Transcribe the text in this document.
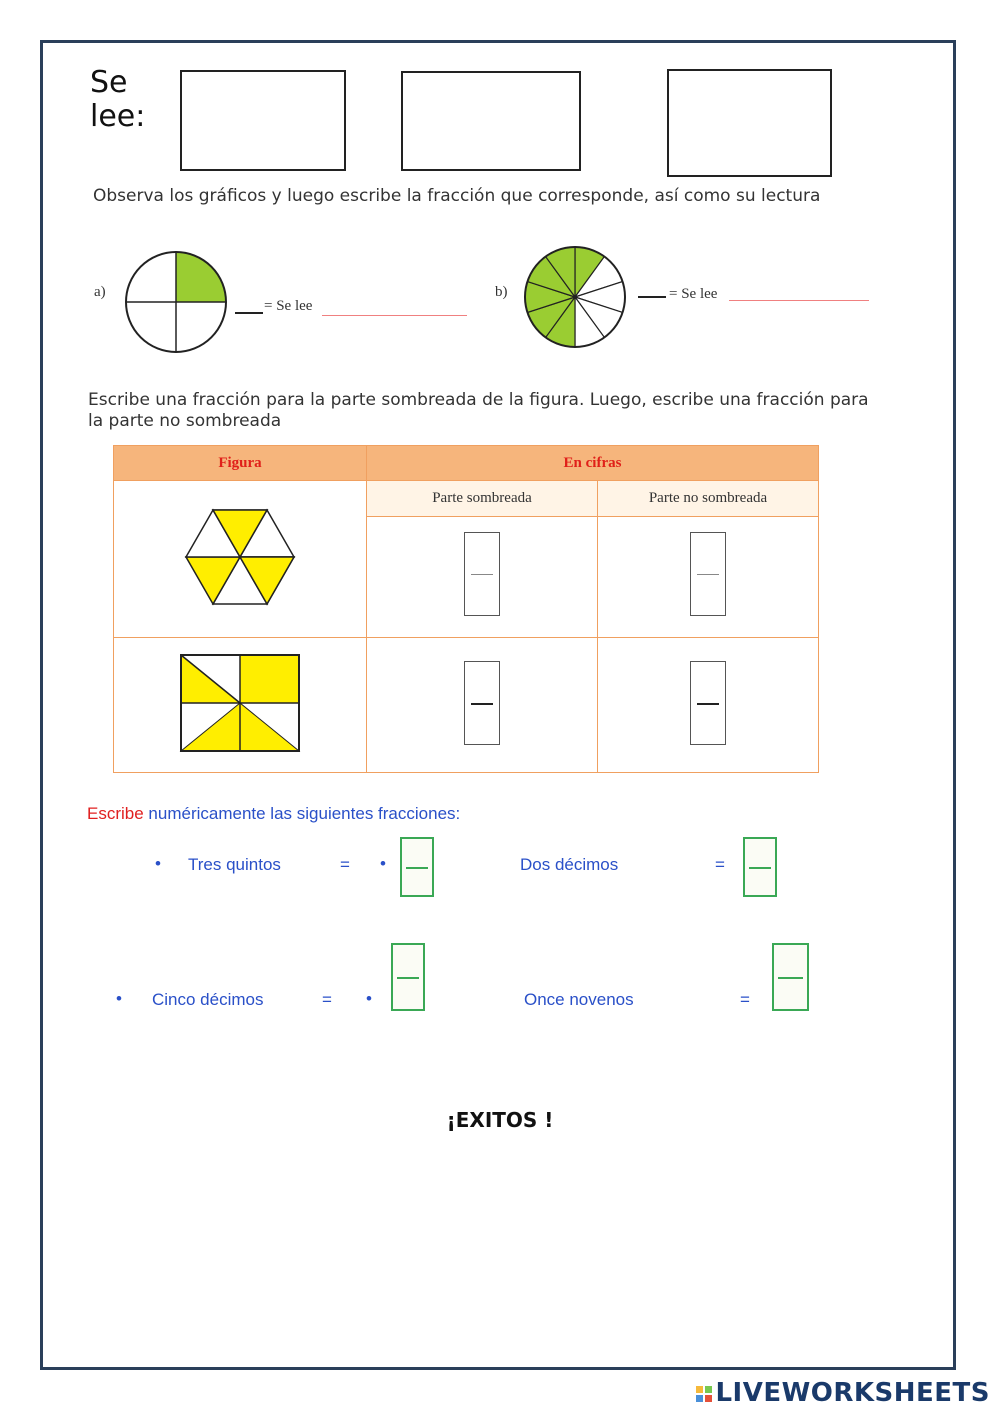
Se
lee:
Observa los gráficos y luego escribe la fracción que corresponde, así como su lectura
a)
= Se lee
b)	= Se lee
Escribe una fracción para la parte sombreada de la figura. Luego, escribe una fracción para la parte no sombreada
Figura	En cifras	
	Parte sombreada	Parte no sombreada

Escribe numéricamente las siguientes fracciones:
• Tres quintos	= •	Dos décimos	=
• Cinco décimos	= •	Once novenos	=
¡EXITOS !

LIVEWORKSHEETS
